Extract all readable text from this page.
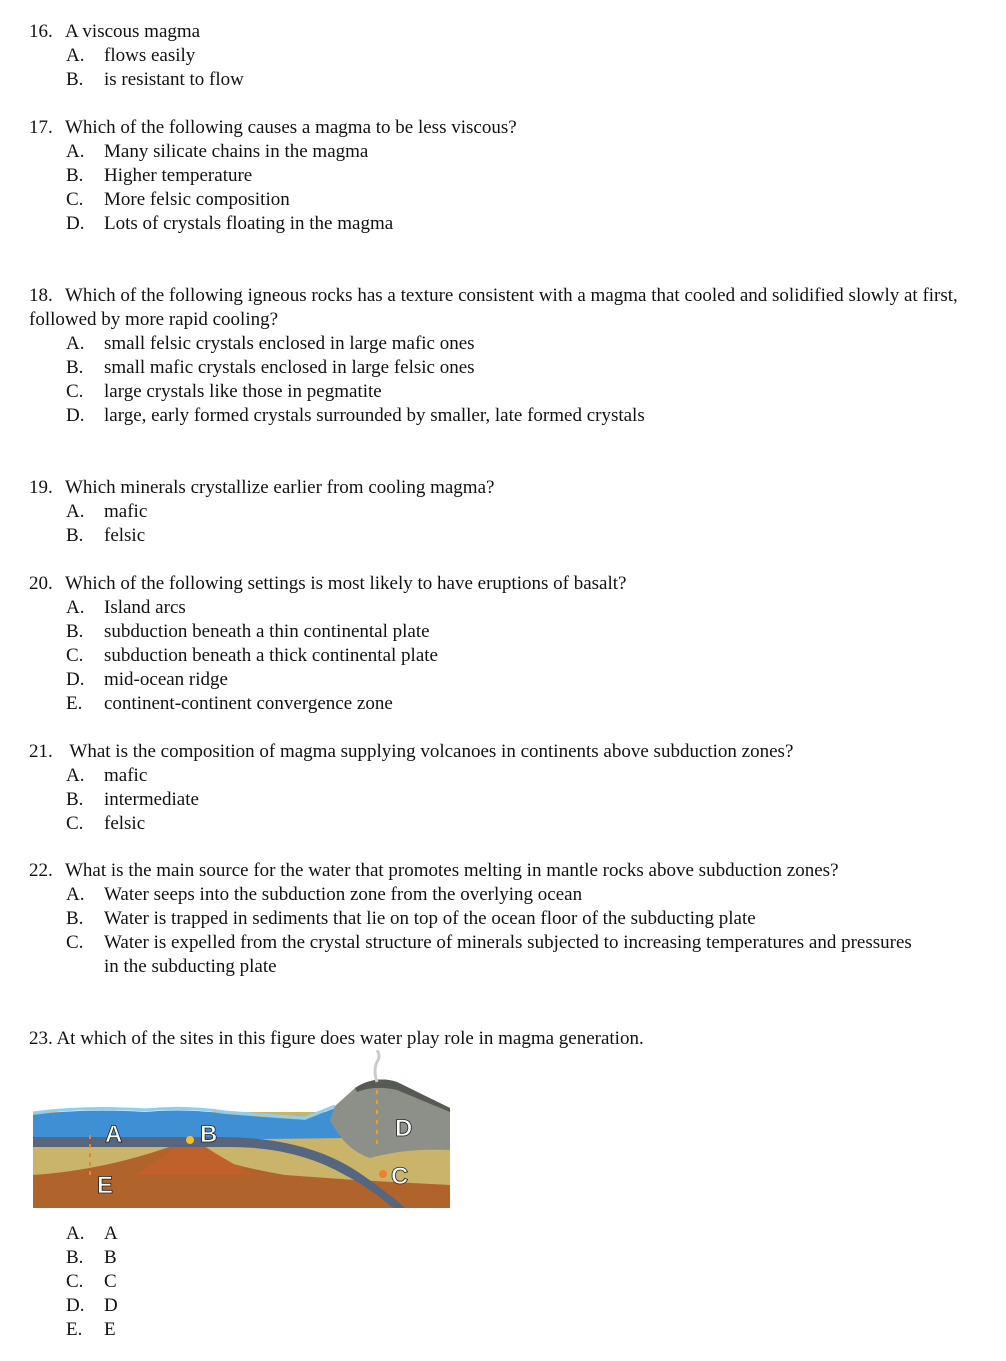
16. A viscous magma
A.	flows easily
B.	is resistant to flow
17. Which of the following causes a magma to be less viscous?
A.	Many silicate chains in the magma
B.	Higher temperature
C.	More felsic composition
D.	Lots of crystals floating in the magma
18. Which of the following igneous rocks has a texture consistent with a magma that cooled and solidified slowly at first, followed by more rapid cooling?
A.	small felsic crystals enclosed in large mafic ones
B.	small mafic crystals enclosed in large felsic ones
C.	large crystals like those in pegmatite
D.	large, early formed crystals surrounded by smaller, late formed crystals
19. Which minerals crystallize earlier from cooling magma?
A.	mafic
B.	felsic
20. Which of the following settings is most likely to have eruptions of basalt?
A.	Island arcs
B.	subduction beneath a thin continental plate
C.	subduction beneath a thick continental plate
D.	mid-ocean ridge
E.	continent-continent convergence zone
21. What is the composition of magma supplying volcanoes in continents above subduction zones?
A.	mafic
B.	intermediate
C.	felsic
22. What is the main source for the water that promotes melting in mantle rocks above subduction zones?
A.	Water seeps into the subduction zone from the overlying ocean
B.	Water is trapped in sediments that lie on top of the ocean floor of the subducting plate
C.	Water is expelled from the crystal structure of minerals subjected to increasing temperatures and pressures in the subducting plate
23. At which of the sites in this figure does water play role in magma generation.
A	B
C
D
E
A.	A
B.	B
C.	C
D.	D
E.	E
